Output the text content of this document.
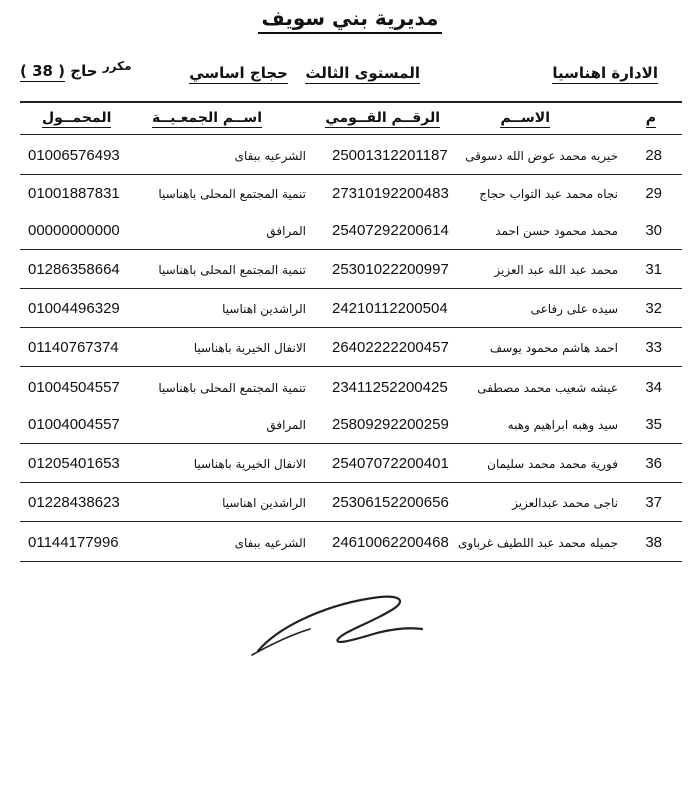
مديرية بني سويف
الادارة اهناسيا
المستوى الثالث
حجاج اساسي
$^{مكرر}$ حاج ( 38 )
م
الاســم
الرقــم القــومي
اســم الجمعـيــة
المحمــول
28
خيريه محمد عوض الله دسوقى
25001312201187
الشرعيه ببفاى
01006576493
29
نجاه محمد عبد التواب حجاج
27310192200483
تنمية المجتمع المحلى باهناسيا
01001887831
30
محمد محمود حسن احمد
25407292200614
المرافق
00000000000
31
محمد عبد الله عبد العزيز
25301022200997
تنمية المجتمع المحلى باهناسيا
01286358664
32
سيده على رفاعى
24210112200504
الراشدين اهناسيا
01004496329
33
احمد هاشم محمود يوسف
26402222200457
الانفال الخيرية باهناسيا
01140767374
34
عيشه شعيب محمد مصطفى
23411252200425
تنمية المجتمع المحلى باهناسيا
01004504557
35
سيد وهبه ابراهيم وهبه
25809292200259
المرافق
01004004557
36
فورية محمد محمد سليمان
25407072200401
الانفال الخيرية باهناسيا
01205401653
37
ناجى محمد عبدالعزيز
25306152200656
الراشدين اهناسيا
01228438623
38
جميله محمد عبد اللطيف غرباوى
24610062200468
الشرعيه ببفاى
01144177996
